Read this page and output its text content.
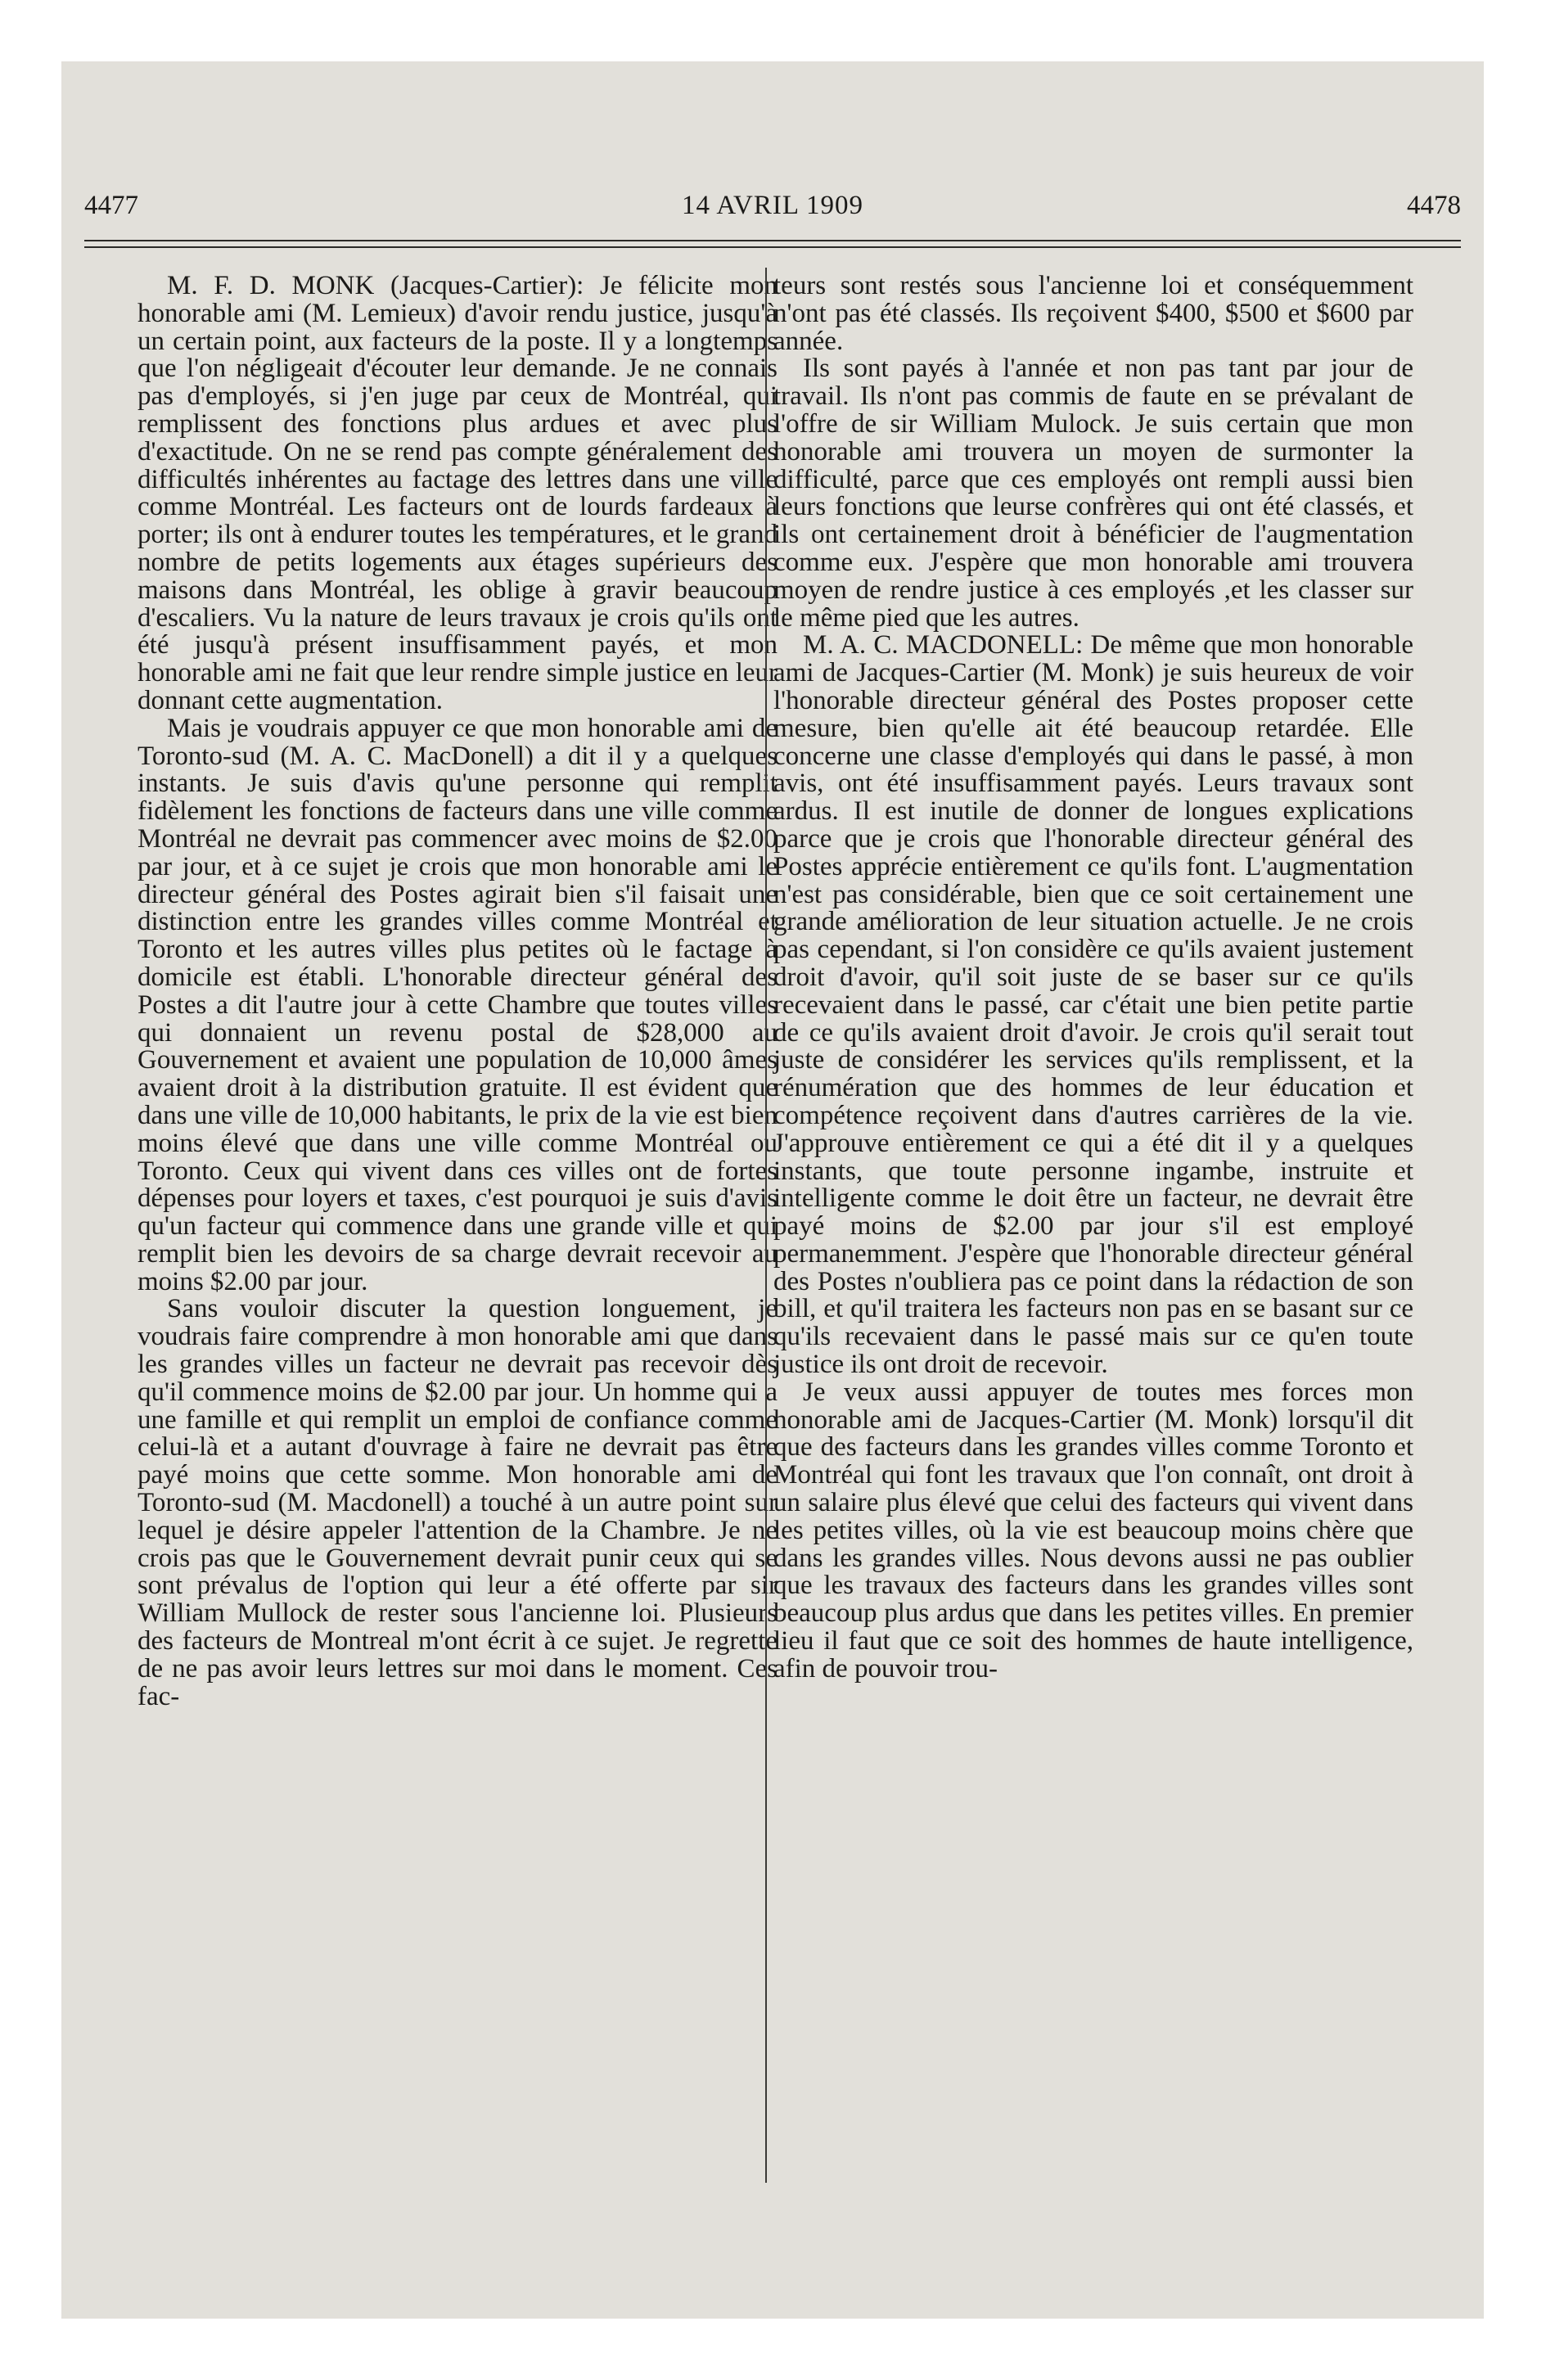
4477	14 AVRIL 1909	4478

M. F. D. MONK (Jacques-Cartier): Je félicite mon honorable ami (M. Lemieux) d'avoir rendu justice, jusqu'à un certain point, aux facteurs de la poste. Il y a longtemps que l'on négligeait d'écouter leur demande. Je ne connais pas d'employés, si j'en juge par ceux de Montréal, qui remplissent des fonctions plus ardues et avec plus d'exactitude. On ne se rend pas compte généralement des difficultés inhérentes au factage des lettres dans une ville comme Montréal. Les facteurs ont de lourds fardeaux à porter; ils ont à endurer toutes les températures, et le grand nombre de petits logements aux étages supérieurs des maisons dans Montréal, les oblige à gravir beaucoup d'escaliers. Vu la nature de leurs travaux je crois qu'ils ont été jusqu'à présent insuffisamment payés, et mon honorable ami ne fait que leur rendre simple justice en leur donnant cette augmentation.

Mais je voudrais appuyer ce que mon honorable ami de Toronto-sud (M. A. C. MacDonell) a dit il y a quelques instants. Je suis d'avis qu'une personne qui remplit fidèlement les fonctions de facteurs dans une ville comme Montréal ne devrait pas commencer avec moins de $2.00 par jour, et à ce sujet je crois que mon honorable ami le directeur général des Postes agirait bien s'il faisait une distinction entre les grandes villes comme Montréal et Toronto et les autres villes plus petites où le factage à domicile est établi. L'honorable directeur général des Postes a dit l'autre jour à cette Chambre que toutes villes qui donnaient un revenu postal de $28,000 au Gouvernement et avaient une population de 10,000 âmes avaient droit à la distribution gratuite. Il est évident que dans une ville de 10,000 habitants, le prix de la vie est bien moins élevé que dans une ville comme Montréal ou Toronto. Ceux qui vivent dans ces villes ont de fortes dépenses pour loyers et taxes, c'est pourquoi je suis d'avis qu'un facteur qui commence dans une grande ville et qui remplit bien les devoirs de sa charge devrait recevoir au moins $2.00 par jour.

Sans vouloir discuter la question longuement, je voudrais faire comprendre à mon honorable ami que dans les grandes villes un facteur ne devrait pas recevoir dès qu'il commence moins de $2.00 par jour. Un homme qui a une famille et qui remplit un emploi de confiance comme celui-là et a autant d'ouvrage à faire ne devrait pas être payé moins que cette somme. Mon honorable ami de Toronto-sud (M. Macdonell) a touché à un autre point sur lequel je désire appeler l'attention de la Chambre. Je ne crois pas que le Gouvernement devrait punir ceux qui se sont prévalus de l'option qui leur a été offerte par sir William Mullock de rester sous l'ancienne loi. Plusieurs des facteurs de Montreal m'ont écrit à ce sujet. Je regrette de ne pas avoir leurs lettres sur moi dans le moment. Ces fac-

teurs sont restés sous l'ancienne loi et conséquemment n'ont pas été classés. Ils reçoivent $400, $500 et $600 par année.

Ils sont payés à l'année et non pas tant par jour de travail. Ils n'ont pas commis de faute en se prévalant de l'offre de sir William Mulock. Je suis certain que mon honorable ami trouvera un moyen de surmonter la difficulté, parce que ces employés ont rempli aussi bien leurs fonctions que leurse confrères qui ont été classés, et ils ont certainement droit à bénéficier de l'augmentation comme eux. J'espère que mon honorable ami trouvera moyen de rendre justice à ces employés ,et les classer sur le même pied que les autres.

M. A. C. MACDONELL: De même que mon honorable ami de Jacques-Cartier (M. Monk) je suis heureux de voir l'honorable directeur général des Postes proposer cette mesure, bien qu'elle ait été beaucoup retardée. Elle concerne une classe d'employés qui dans le passé, à mon avis, ont été insuffisamment payés. Leurs travaux sont ardus. Il est inutile de donner de longues explications parce que je crois que l'honorable directeur général des Postes apprécie entièrement ce qu'ils font. L'augmentation n'est pas considérable, bien que ce soit certainement une grande amélioration de leur situation actuelle. Je ne crois pas cependant, si l'on considère ce qu'ils avaient justement droit d'avoir, qu'il soit juste de se baser sur ce qu'ils recevaient dans le passé, car c'était une bien petite partie de ce qu'ils avaient droit d'avoir. Je crois qu'il serait tout juste de considérer les services qu'ils remplissent, et la rénumération que des hommes de leur éducation et compétence reçoivent dans d'autres carrières de la vie. J'approuve entièrement ce qui a été dit il y a quelques instants, que toute personne ingambe, instruite et intelligente comme le doit être un facteur, ne devrait être payé moins de $2.00 par jour s'il est employé permanemment. J'espère que l'honorable directeur général des Postes n'oubliera pas ce point dans la rédaction de son bill, et qu'il traitera les facteurs non pas en se basant sur ce qu'ils recevaient dans le passé mais sur ce qu'en toute justice ils ont droit de recevoir.

Je veux aussi appuyer de toutes mes forces mon honorable ami de Jacques-Cartier (M. Monk) lorsqu'il dit que des facteurs dans les grandes villes comme Toronto et Montréal qui font les travaux que l'on connaît, ont droit à un salaire plus élevé que celui des facteurs qui vivent dans les petites villes, où la vie est beaucoup moins chère que dans les grandes villes. Nous devons aussi ne pas oublier que les travaux des facteurs dans les grandes villes sont beaucoup plus ardus que dans les petites villes. En premier lieu il faut que ce soit des hommes de haute intelligence, afin de pouvoir trou-
